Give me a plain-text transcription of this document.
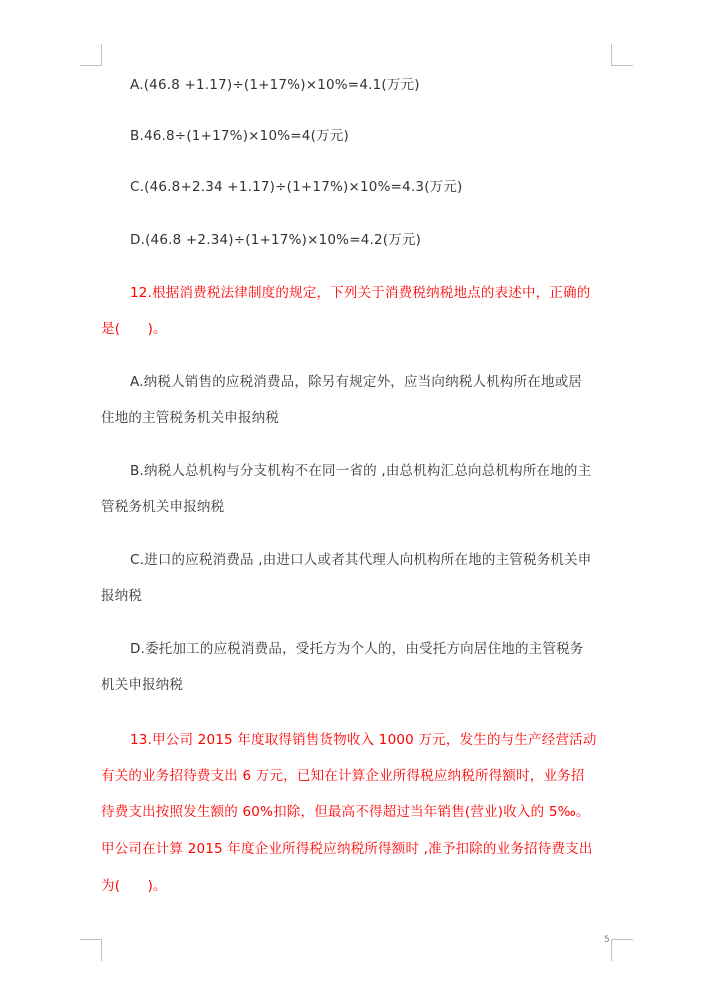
A.(46.8 +1.17)÷(1+17%)×10%=4.1(万元)
B.46.8÷(1+17%)×10%=4(万元)
C.(46.8+2.34 +1.17)÷(1+17%)×10%=4.3(万元)
D.(46.8 +2.34)÷(1+17%)×10%=4.2(万元)
12.根据消费税法律制度的规定，下列关于消费税纳税地点的表述中，正确的
是(　　)。
A.纳税人销售的应税消费品，除另有规定外，应当向纳税人机构所在地或居
住地的主管税务机关申报纳税
B.纳税人总机构与分支机构不在同一省的 ,由总机构汇总向总机构所在地的主
管税务机关申报纳税
C.进口的应税消费品 ,由进口人或者其代理人向机构所在地的主管税务机关申
报纳税
D.委托加工的应税消费品，受托方为个人的，由受托方向居住地的主管税务
机关申报纳税
13.甲公司 2015 年度取得销售货物收入 1000 万元，发生的与生产经营活动
有关的业务招待费支出 6 万元，已知在计算企业所得税应纳税所得额时，业务招
待费支出按照发生额的 60%扣除，但最高不得超过当年销售(营业)收入的 5‰。
甲公司在计算 2015 年度企业所得税应纳税所得额时 ,准予扣除的业务招待费支出
为(　　)。
5
